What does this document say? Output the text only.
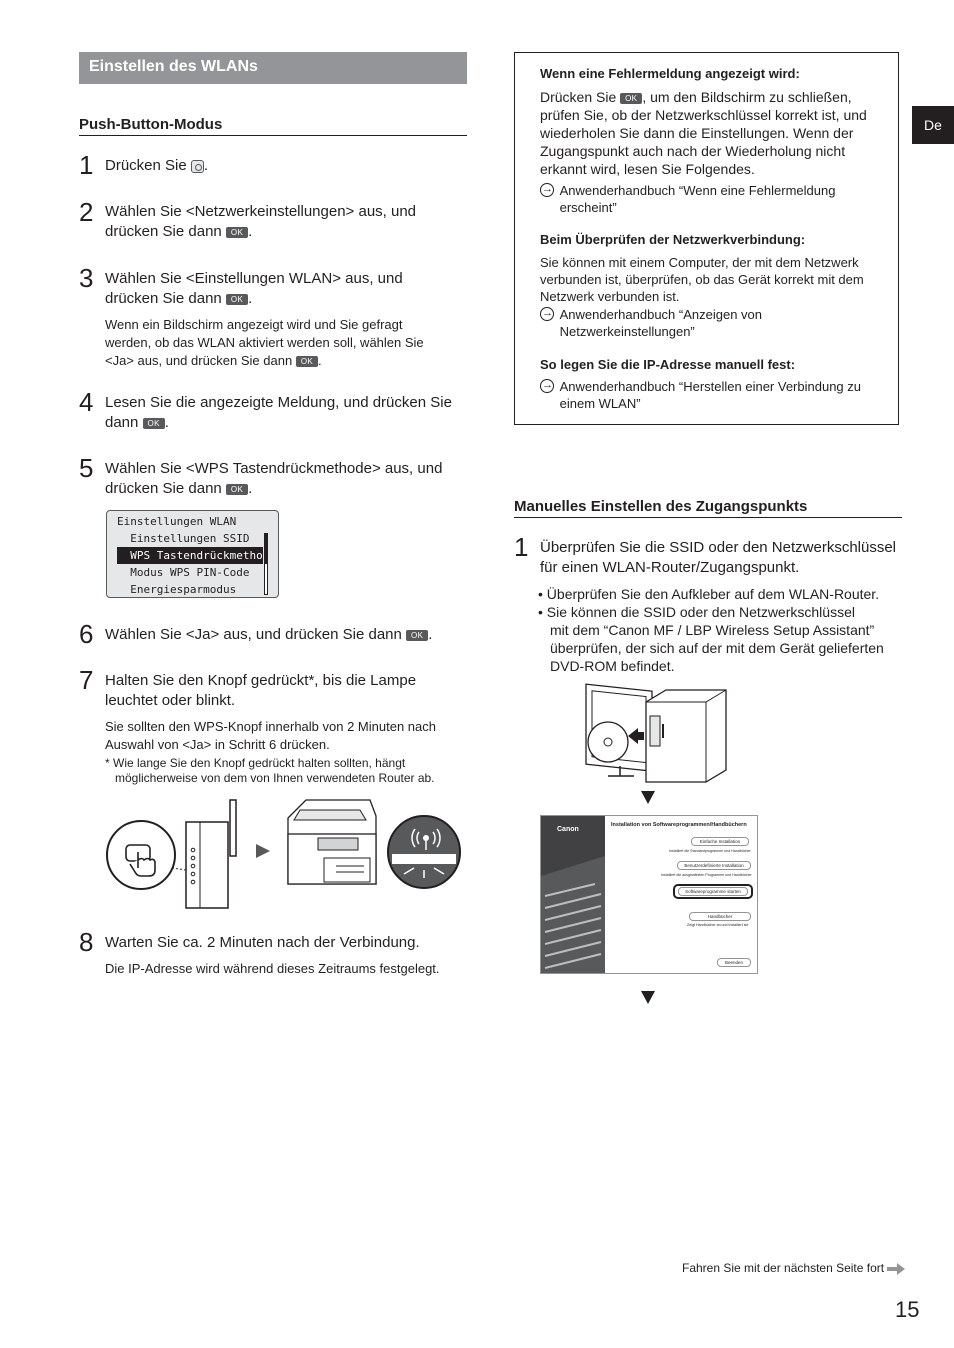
Einstellen des WLANs
Push-Button-Modus
1 Drücken Sie .
2 Wählen Sie <Netzwerkeinstellungen> aus, und
drücken Sie dann OK .
3 Wählen Sie <Einstellungen WLAN> aus, und
drücken Sie dann OK .
Wenn ein Bildschirm angezeigt wird und Sie gefragt
werden, ob das WLAN aktiviert werden soll, wählen Sie
<Ja> aus, und drücken Sie dann OK .
4 Lesen Sie die angezeigte Meldung, und drücken Sie
dann OK .
5 Wählen Sie <WPS Tastendrückmethode> aus, und
drücken Sie dann OK .
Einstellungen WLAN
Einstellungen SSID
WPS Tastendrückmetho
Modus WPS PIN-Code
Energiesparmodus
6 Wählen Sie <Ja> aus, und drücken Sie dann OK .
7 Halten Sie den Knopf gedrückt*, bis die Lampe
leuchtet oder blinkt.
Sie sollten den WPS-Knopf innerhalb von 2 Minuten nach
Auswahl von <Ja> in Schritt 6 drücken.
* Wie lange Sie den Knopf gedrückt halten sollten, hängt
möglicherweise von dem von Ihnen verwendeten Router ab.
8 Warten Sie ca. 2 Minuten nach der Verbindung.
Die IP-Adresse wird während dieses Zeitraums festgelegt.
Wenn eine Fehlermeldung angezeigt wird:
Drücken Sie OK , um den Bildschirm zu schließen,
prüfen Sie, ob der Netzwerkschlüssel korrekt ist, und
wiederholen Sie dann die Einstellungen. Wenn der
Zugangspunkt auch nach der Wiederholung nicht
erkannt wird, lesen Sie Folgendes.
→
Anwenderhandbuch “Wenn eine Fehlermeldung
erscheint”
Beim Überprüfen der Netzwerkverbindung:
Sie können mit einem Computer, der mit dem Netzwerk
verbunden ist, überprüfen, ob das Gerät korrekt mit dem
Netzwerk verbunden ist.
→
Anwenderhandbuch “Anzeigen von
Netzwerkeinstellungen”
So legen Sie die IP-Adresse manuell fest:
→
Anwenderhandbuch “Herstellen einer Verbindung zu
einem WLAN”
De
Manuelles Einstellen des Zugangspunkts
1 Überprüfen Sie die SSID oder den Netzwerkschlüssel
für einen WLAN-Router/Zugangspunkt.
• Überprüfen Sie den Aufkleber auf dem WLAN-Router.
• Sie können die SSID oder den Netzwerkschlüssel
mit dem “Canon MF / LBP Wireless Setup Assistant”
überprüfen, der sich auf der mit dem Gerät gelieferten
DVD-ROM befindet.
Canon
Installation von Softwareprogrammen/Handbüchern
Einfache Installation
Installiert die Standardprogramme und Handbücher
Benutzerdefinierte Installation
Installiert die ausgewählten Programme und Handbücher
Softwareprogramme starten
Handbücher
Zeigt Handbücher an und installiert sie
Beenden
Fahren Sie mit der nächsten Seite fort
15
